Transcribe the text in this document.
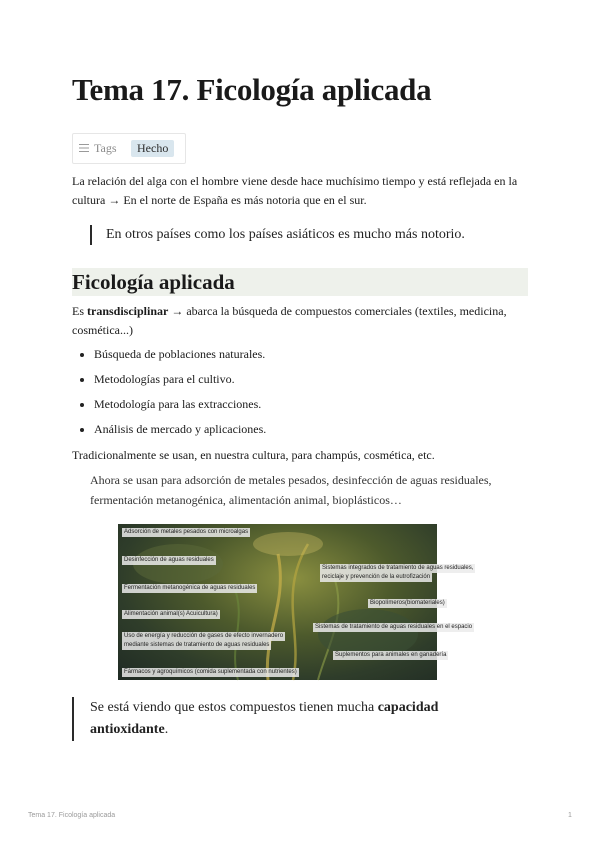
Tema 17. Ficología aplicada
Tags	Hecho

La relación del alga con el hombre viene desde hace muchísimo tiempo y está reflejada en la cultura → En el norte de España es más notoria que en el sur.

En otros países como los países asiáticos es mucho más notorio.
Ficología aplicada

Es transdisciplinar → abarca la búsqueda de compuestos comerciales (textiles, medicina, cosmética...)

Búsqueda de poblaciones naturales.
Metodologías para el cultivo.
Metodología para las extracciones.
Análisis de mercado y aplicaciones.

Tradicionalmente se usan, en nuestra cultura, para champús, cosmética, etc.

Ahora se usan para adsorción de metales pesados, desinfección de aguas residuales, fermentación metanogénica, alimentación animal, bioplásticos…

Adsorción de metales pesados con microalgas
Desinfección de aguas residuales
Fermentación metanogénica de aguas residuales
Alimentación animal(s) Acuicultura)
Uso de energía y reducción de gases de efecto invernadero
mediante sistemas de tratamiento de aguas residuales
Fármacos y agroquímicos (comida suplementada con nutrientes)
Sistemas integrados de tratamiento de aguas residuales,
reciclaje y prevención de la eutrofización
Biopolímeros(biomateriales)
Sistemas de tratamiento de aguas residuales en el espacio
Suplementos para animales en ganadería
Se está viendo que estos compuestos tienen mucha capacidad antioxidante.
Tema 17. Ficología aplicada	1
